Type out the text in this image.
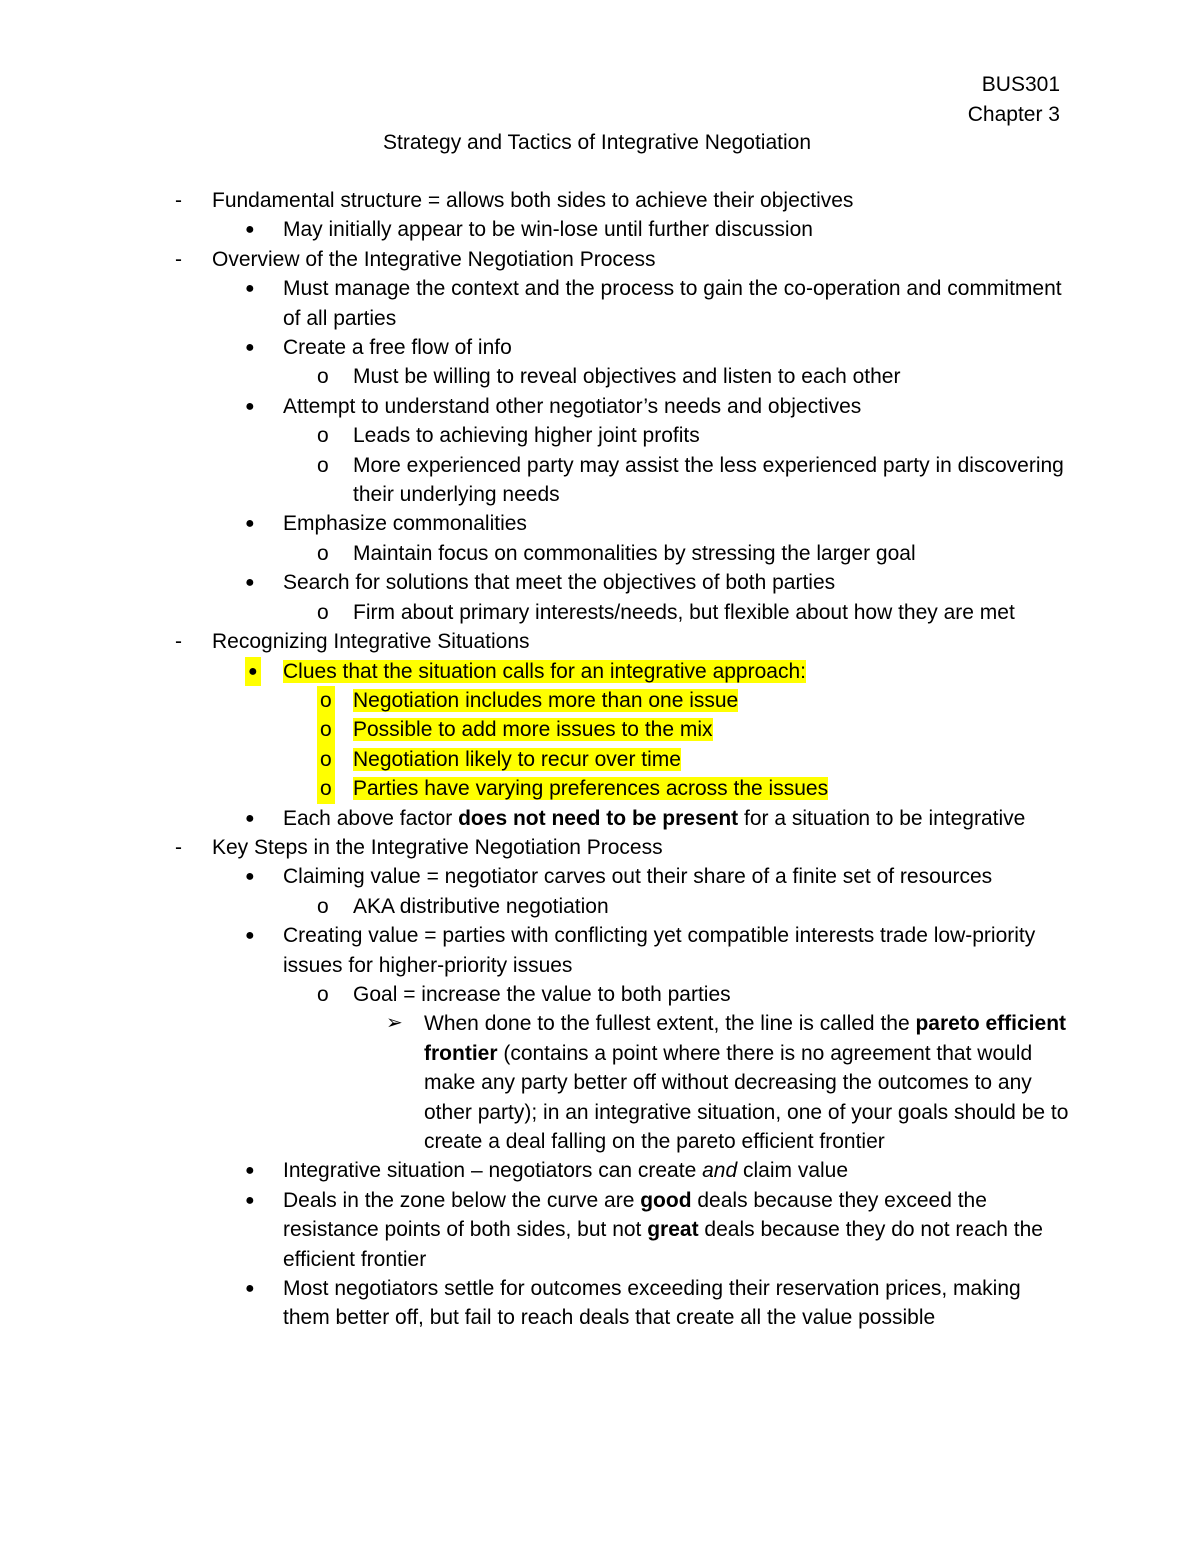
BUS301
Chapter 3
Strategy and Tactics of Integrative Negotiation
- Fundamental structure = allows both sides to achieve their objectives
● May initially appear to be win-lose until further discussion
- Overview of the Integrative Negotiation Process
● Must manage the context and the process to gain the co-operation and commitment of all parties
● Create a free flow of info
o Must be willing to reveal objectives and listen to each other
● Attempt to understand other negotiator’s needs and objectives
o Leads to achieving higher joint profits
o More experienced party may assist the less experienced party in discovering their underlying needs
● Emphasize commonalities
o Maintain focus on commonalities by stressing the larger goal
● Search for solutions that meet the objectives of both parties
o Firm about primary interests/needs, but flexible about how they are met
- Recognizing Integrative Situations
● Clues that the situation calls for an integrative approach:
o Negotiation includes more than one issue
o Possible to add more issues to the mix
o Negotiation likely to recur over time
o Parties have varying preferences across the issues
● Each above factor does not need to be present for a situation to be integrative
- Key Steps in the Integrative Negotiation Process
● Claiming value = negotiator carves out their share of a finite set of resources
o AKA distributive negotiation
● Creating value = parties with conflicting yet compatible interests trade low-priority issues for higher-priority issues
o Goal = increase the value to both parties
➢ When done to the fullest extent, the line is called the pareto efficient frontier (contains a point where there is no agreement that would make any party better off without decreasing the outcomes to any other party); in an integrative situation, one of your goals should be to create a deal falling on the pareto efficient frontier
● Integrative situation – negotiators can create and claim value
● Deals in the zone below the curve are good deals because they exceed the resistance points of both sides, but not great deals because they do not reach the efficient frontier
● Most negotiators settle for outcomes exceeding their reservation prices, making them better off, but fail to reach deals that create all the value possible
